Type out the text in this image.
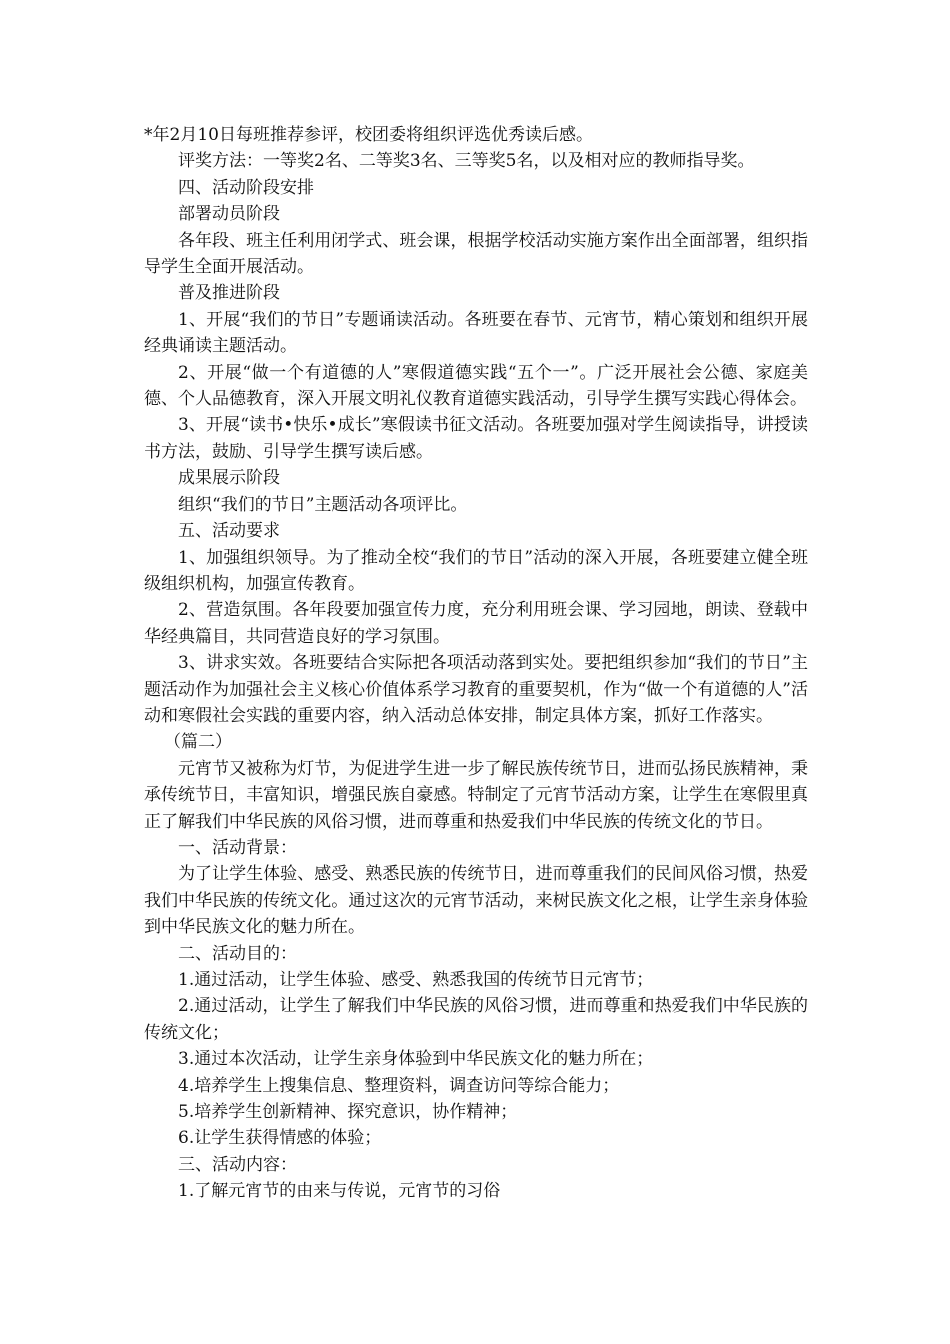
*年2月10日每班推荐参评，校团委将组织评选优秀读后感。

评奖方法：一等奖2名、二等奖3名、三等奖5名，以及相对应的教师指导奖。

四、活动阶段安排

部署动员阶段

各年段、班主任利用闭学式、班会课，根据学校活动实施方案作出全面部署，组织指导学生全面开展活动。

普及推进阶段

1、开展“我们的节日”专题诵读活动。各班要在春节、元宵节，精心策划和组织开展经典诵读主题活动。

2、开展“做一个有道德的人”寒假道德实践“五个一”。广泛开展社会公德、家庭美德、个人品德教育，深入开展文明礼仪教育道德实践活动，引导学生撰写实践心得体会。

3、开展“读书•快乐•成长”寒假读书征文活动。各班要加强对学生阅读指导，讲授读书方法，鼓励、引导学生撰写读后感。

成果展示阶段

组织“我们的节日”主题活动各项评比。

五、活动要求

1、加强组织领导。为了推动全校“我们的节日”活动的深入开展，各班要建立健全班级组织机构，加强宣传教育。

2、营造氛围。各年段要加强宣传力度，充分利用班会课、学习园地，朗读、登载中华经典篇目，共同营造良好的学习氛围。

3、讲求实效。各班要结合实际把各项活动落到实处。要把组织参加“我们的节日”主题活动作为加强社会主义核心价值体系学习教育的重要契机，作为“做一个有道德的人”活动和寒假社会实践的重要内容，纳入活动总体安排，制定具体方案，抓好工作落实。

（篇二）

元宵节又被称为灯节，为促进学生进一步了解民族传统节日，进而弘扬民族精神，秉承传统节日，丰富知识，增强民族自豪感。特制定了元宵节活动方案，让学生在寒假里真正了解我们中华民族的风俗习惯，进而尊重和热爱我们中华民族的传统文化的节日。

一、活动背景：

为了让学生体验、感受、熟悉民族的传统节日，进而尊重我们的民间风俗习惯，热爱我们中华民族的传统文化。通过这次的元宵节活动，来树民族文化之根，让学生亲身体验到中华民族文化的魅力所在。

二、活动目的：

1.通过活动，让学生体验、感受、熟悉我国的传统节日元宵节；

2.通过活动，让学生了解我们中华民族的风俗习惯，进而尊重和热爱我们中华民族的传统文化；

3.通过本次活动，让学生亲身体验到中华民族文化的魅力所在；

4.培养学生上搜集信息、整理资料，调查访问等综合能力；

5.培养学生创新精神、探究意识，协作精神；

6.让学生获得情感的体验；

三、活动内容：

1.了解元宵节的由来与传说，元宵节的习俗
